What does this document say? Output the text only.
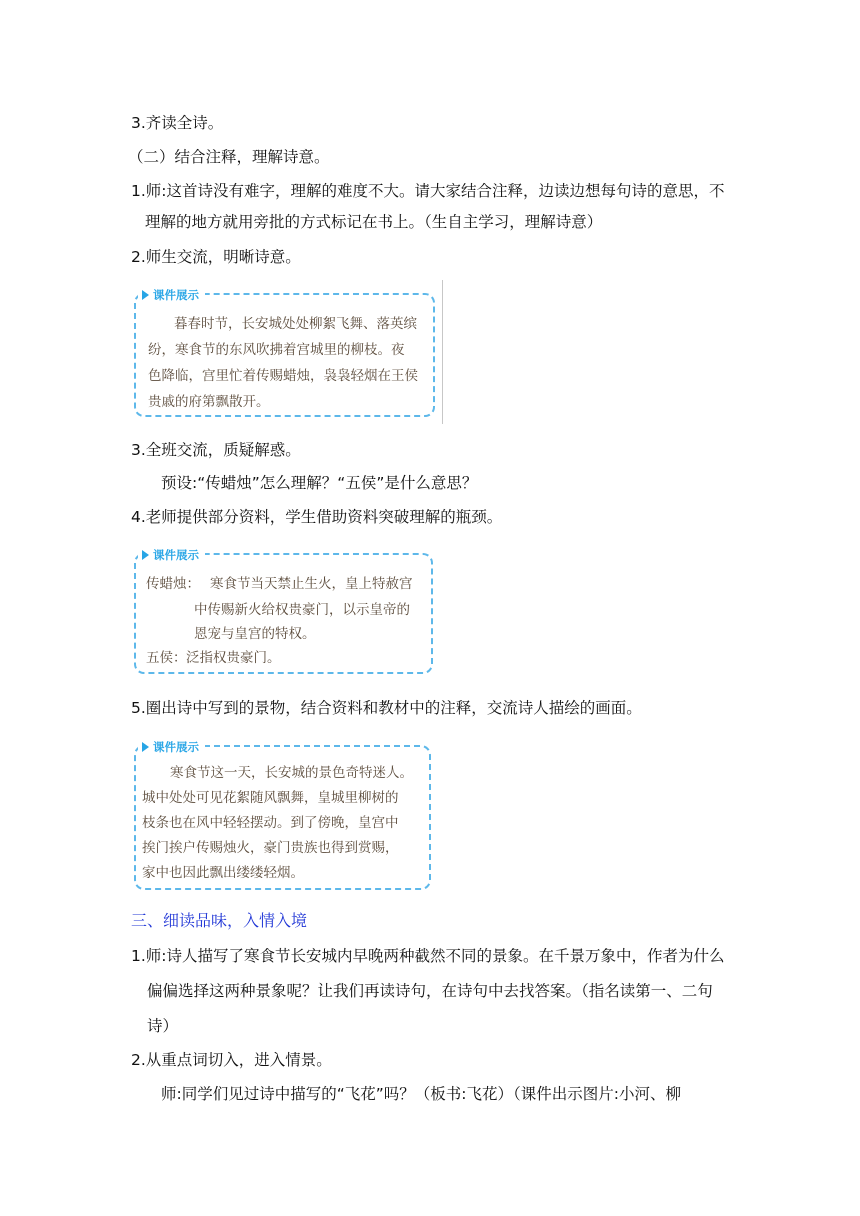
3.齐读全诗。
（二）结合注释，理解诗意。
1.师:这首诗没有难字，理解的难度不大。请大家结合注释，边读边想每句诗的意思，不
理解的地方就用旁批的方式标记在书上。（生自主学习，理解诗意）
2.师生交流，明晰诗意。
课件展示
暮春时节，长安城处处柳絮飞舞、落英缤
纷，寒食节的东风吹拂着宫城里的柳枝。夜
色降临，宫里忙着传赐蜡烛，袅袅轻烟在王侯
贵戚的府第飘散开。
3.全班交流，质疑解惑。
预设:“传蜡烛”怎么理解？“五侯”是什么意思？
4.老师提供部分资料，学生借助资料突破理解的瓶颈。
课件展示
传蜡烛： 寒食节当天禁止生火，皇上特赦宫
中传赐新火给权贵豪门，以示皇帝的
恩宠与皇宫的特权。
五侯： 泛指权贵豪门。
5.圈出诗中写到的景物，结合资料和教材中的注释，交流诗人描绘的画面。
课件展示
寒食节这一天，长安城的景色奇特迷人。
城中处处可见花絮随风飘舞，皇城里柳树的
枝条也在风中轻轻摆动。到了傍晚，皇宫中
挨门挨户传赐烛火，豪门贵族也得到赏赐，
家中也因此飘出缕缕轻烟。
三、细读品味，入情入境
1.师:诗人描写了寒食节长安城内早晚两种截然不同的景象。在千景万象中，作者为什么
偏偏选择这两种景象呢？让我们再读诗句，在诗句中去找答案。（指名读第一、二句
诗）
2.从重点词切入，进入情景。
师:同学们见过诗中描写的“飞花”吗？（板书:飞花）（课件出示图片:小河、柳
